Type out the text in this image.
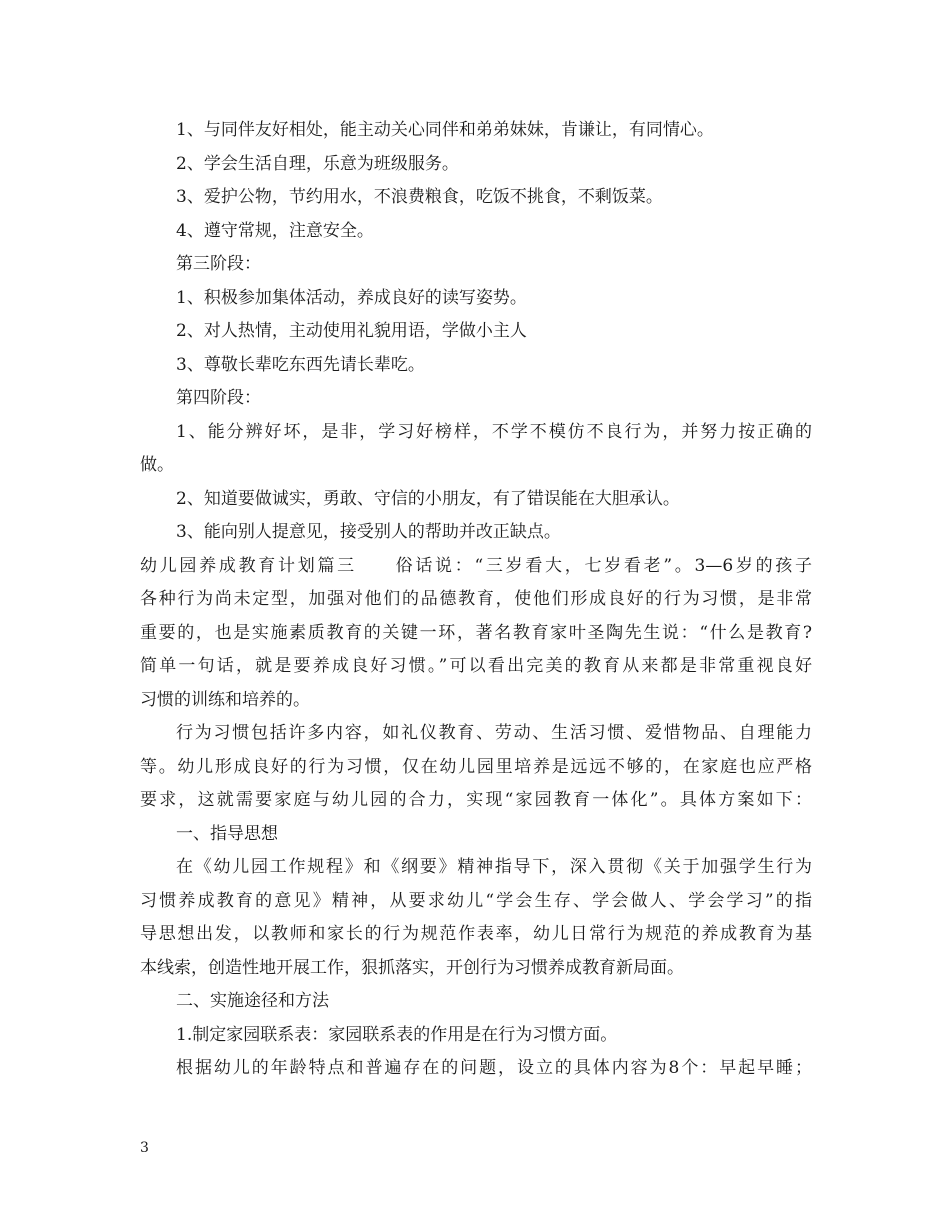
1、与同伴友好相处，能主动关心同伴和弟弟妹妹，肯谦让，有同情心。
2、学会生活自理，乐意为班级服务。
3、爱护公物，节约用水，不浪费粮食，吃饭不挑食，不剩饭菜。
4、遵守常规，注意安全。
第三阶段：
1、积极参加集体活动，养成良好的读写姿势。
2、对人热情，主动使用礼貌用语，学做小主人
3、尊敬长辈吃东西先请长辈吃。
第四阶段：
1、能分辨好坏，是非，学习好榜样，不学不模仿不良行为，并努力按正确的
做。
2、知道要做诚实，勇敢、守信的小朋友，有了错误能在大胆承认。
3、能向别人提意见，接受别人的帮助并改正缺点。
幼儿园养成教育计划篇三 俗话说：“三岁看大，七岁看老”。3—6岁的孩子
各种行为尚未定型，加强对他们的品德教育，使他们形成良好的行为习惯，是非常
重要的，也是实施素质教育的关键一环，著名教育家叶圣陶先生说：“什么是教育?
简单一句话，就是要养成良好习惯。”可以看出完美的教育从来都是非常重视良好
习惯的训练和培养的。
行为习惯包括许多内容，如礼仪教育、劳动、生活习惯、爱惜物品、自理能力
等。幼儿形成良好的行为习惯，仅在幼儿园里培养是远远不够的，在家庭也应严格
要求，这就需要家庭与幼儿园的合力，实现“家园教育一体化”。具体方案如下：
一、指导思想
在《幼儿园工作规程》和《纲要》精神指导下，深入贯彻《关于加强学生行为
习惯养成教育的意见》精神，从要求幼儿“学会生存、学会做人、学会学习”的指
导思想出发，以教师和家长的行为规范作表率，幼儿日常行为规范的养成教育为基
本线索，创造性地开展工作，狠抓落实，开创行为习惯养成教育新局面。
二、实施途径和方法
1.制定家园联系表：家园联系表的作用是在行为习惯方面。
根据幼儿的年龄特点和普遍存在的问题，设立的具体内容为8个：早起早睡；
3
